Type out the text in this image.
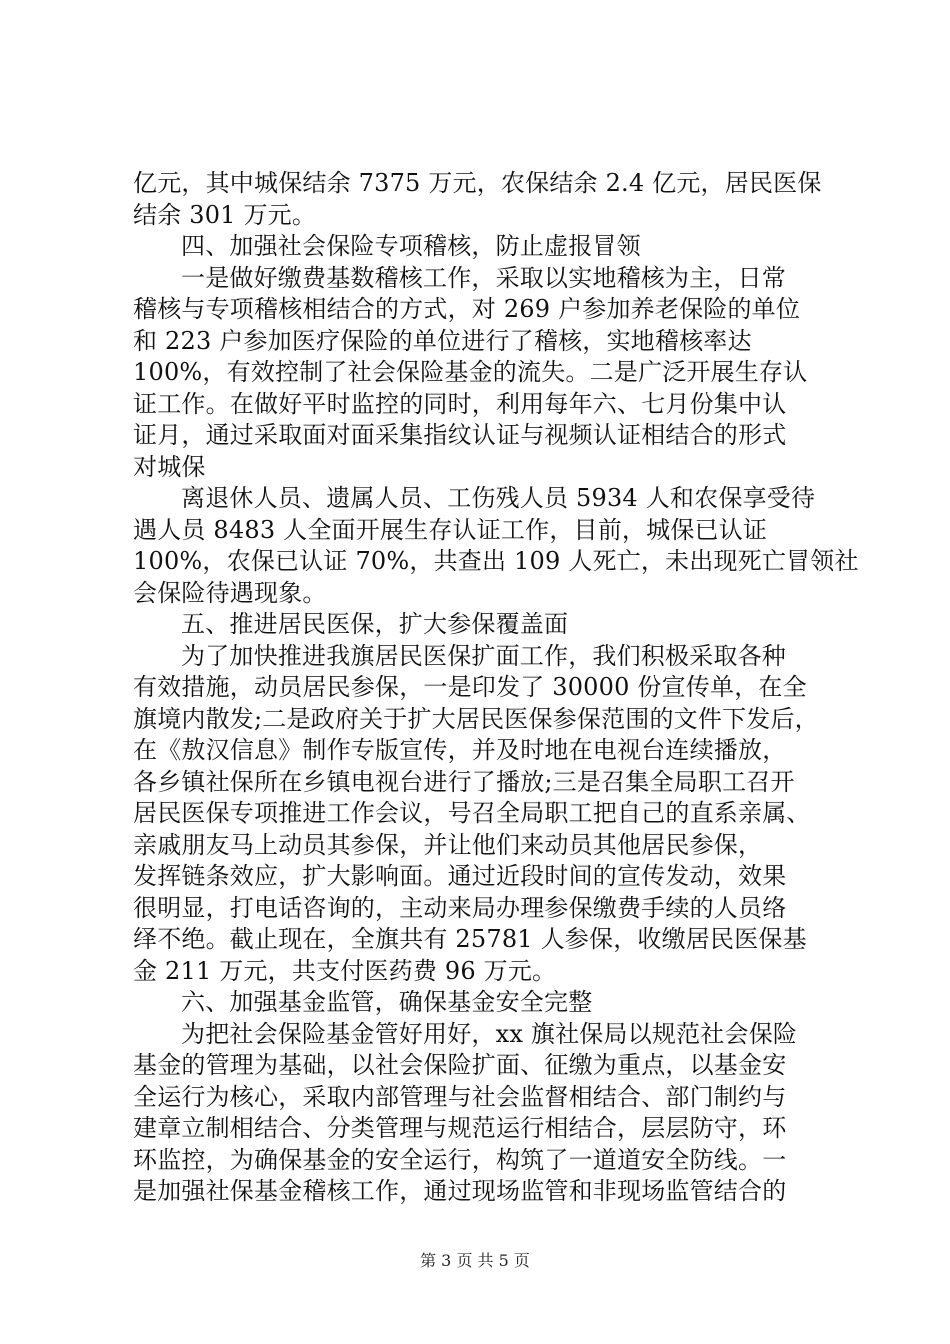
亿元，其中城保结余 7375 万元，农保结余 2.4 亿元，居民医保
结余 301 万元。
四、加强社会保险专项稽核，防止虚报冒领
一是做好缴费基数稽核工作，采取以实地稽核为主，日常
稽核与专项稽核相结合的方式，对 269 户参加养老保险的单位
和 223 户参加医疗保险的单位进行了稽核，实地稽核率达
100%，有效控制了社会保险基金的流失。二是广泛开展生存认
证工作。在做好平时监控的同时，利用每年六、七月份集中认
证月，通过采取面对面采集指纹认证与视频认证相结合的形式
对城保
离退休人员、遗属人员、工伤残人员 5934 人和农保享受待
遇人员 8483 人全面开展生存认证工作，目前，城保已认证
100%，农保已认证 70%，共查出 109 人死亡，未出现死亡冒领社
会保险待遇现象。
五、推进居民医保，扩大参保覆盖面
为了加快推进我旗居民医保扩面工作，我们积极采取各种
有效措施，动员居民参保，一是印发了 30000 份宣传单，在全
旗境内散发;二是政府关于扩大居民医保参保范围的文件下发后，
在《敖汉信息》制作专版宣传，并及时地在电视台连续播放，
各乡镇社保所在乡镇电视台进行了播放;三是召集全局职工召开
居民医保专项推进工作会议，号召全局职工把自己的直系亲属、
亲戚朋友马上动员其参保，并让他们来动员其他居民参保，
发挥链条效应，扩大影响面。通过近段时间的宣传发动，效果
很明显，打电话咨询的，主动来局办理参保缴费手续的人员络
绎不绝。截止现在，全旗共有 25781 人参保，收缴居民医保基
金 211 万元，共支付医药费 96 万元。
六、加强基金监管，确保基金安全完整
为把社会保险基金管好用好，xx 旗社保局以规范社会保险
基金的管理为基础，以社会保险扩面、征缴为重点，以基金安
全运行为核心，采取内部管理与社会监督相结合、部门制约与
建章立制相结合、分类管理与规范运行相结合，层层防守，环
环监控，为确保基金的安全运行，构筑了一道道安全防线。一
是加强社保基金稽核工作，通过现场监管和非现场监管结合的
第 3 页 共 5 页
